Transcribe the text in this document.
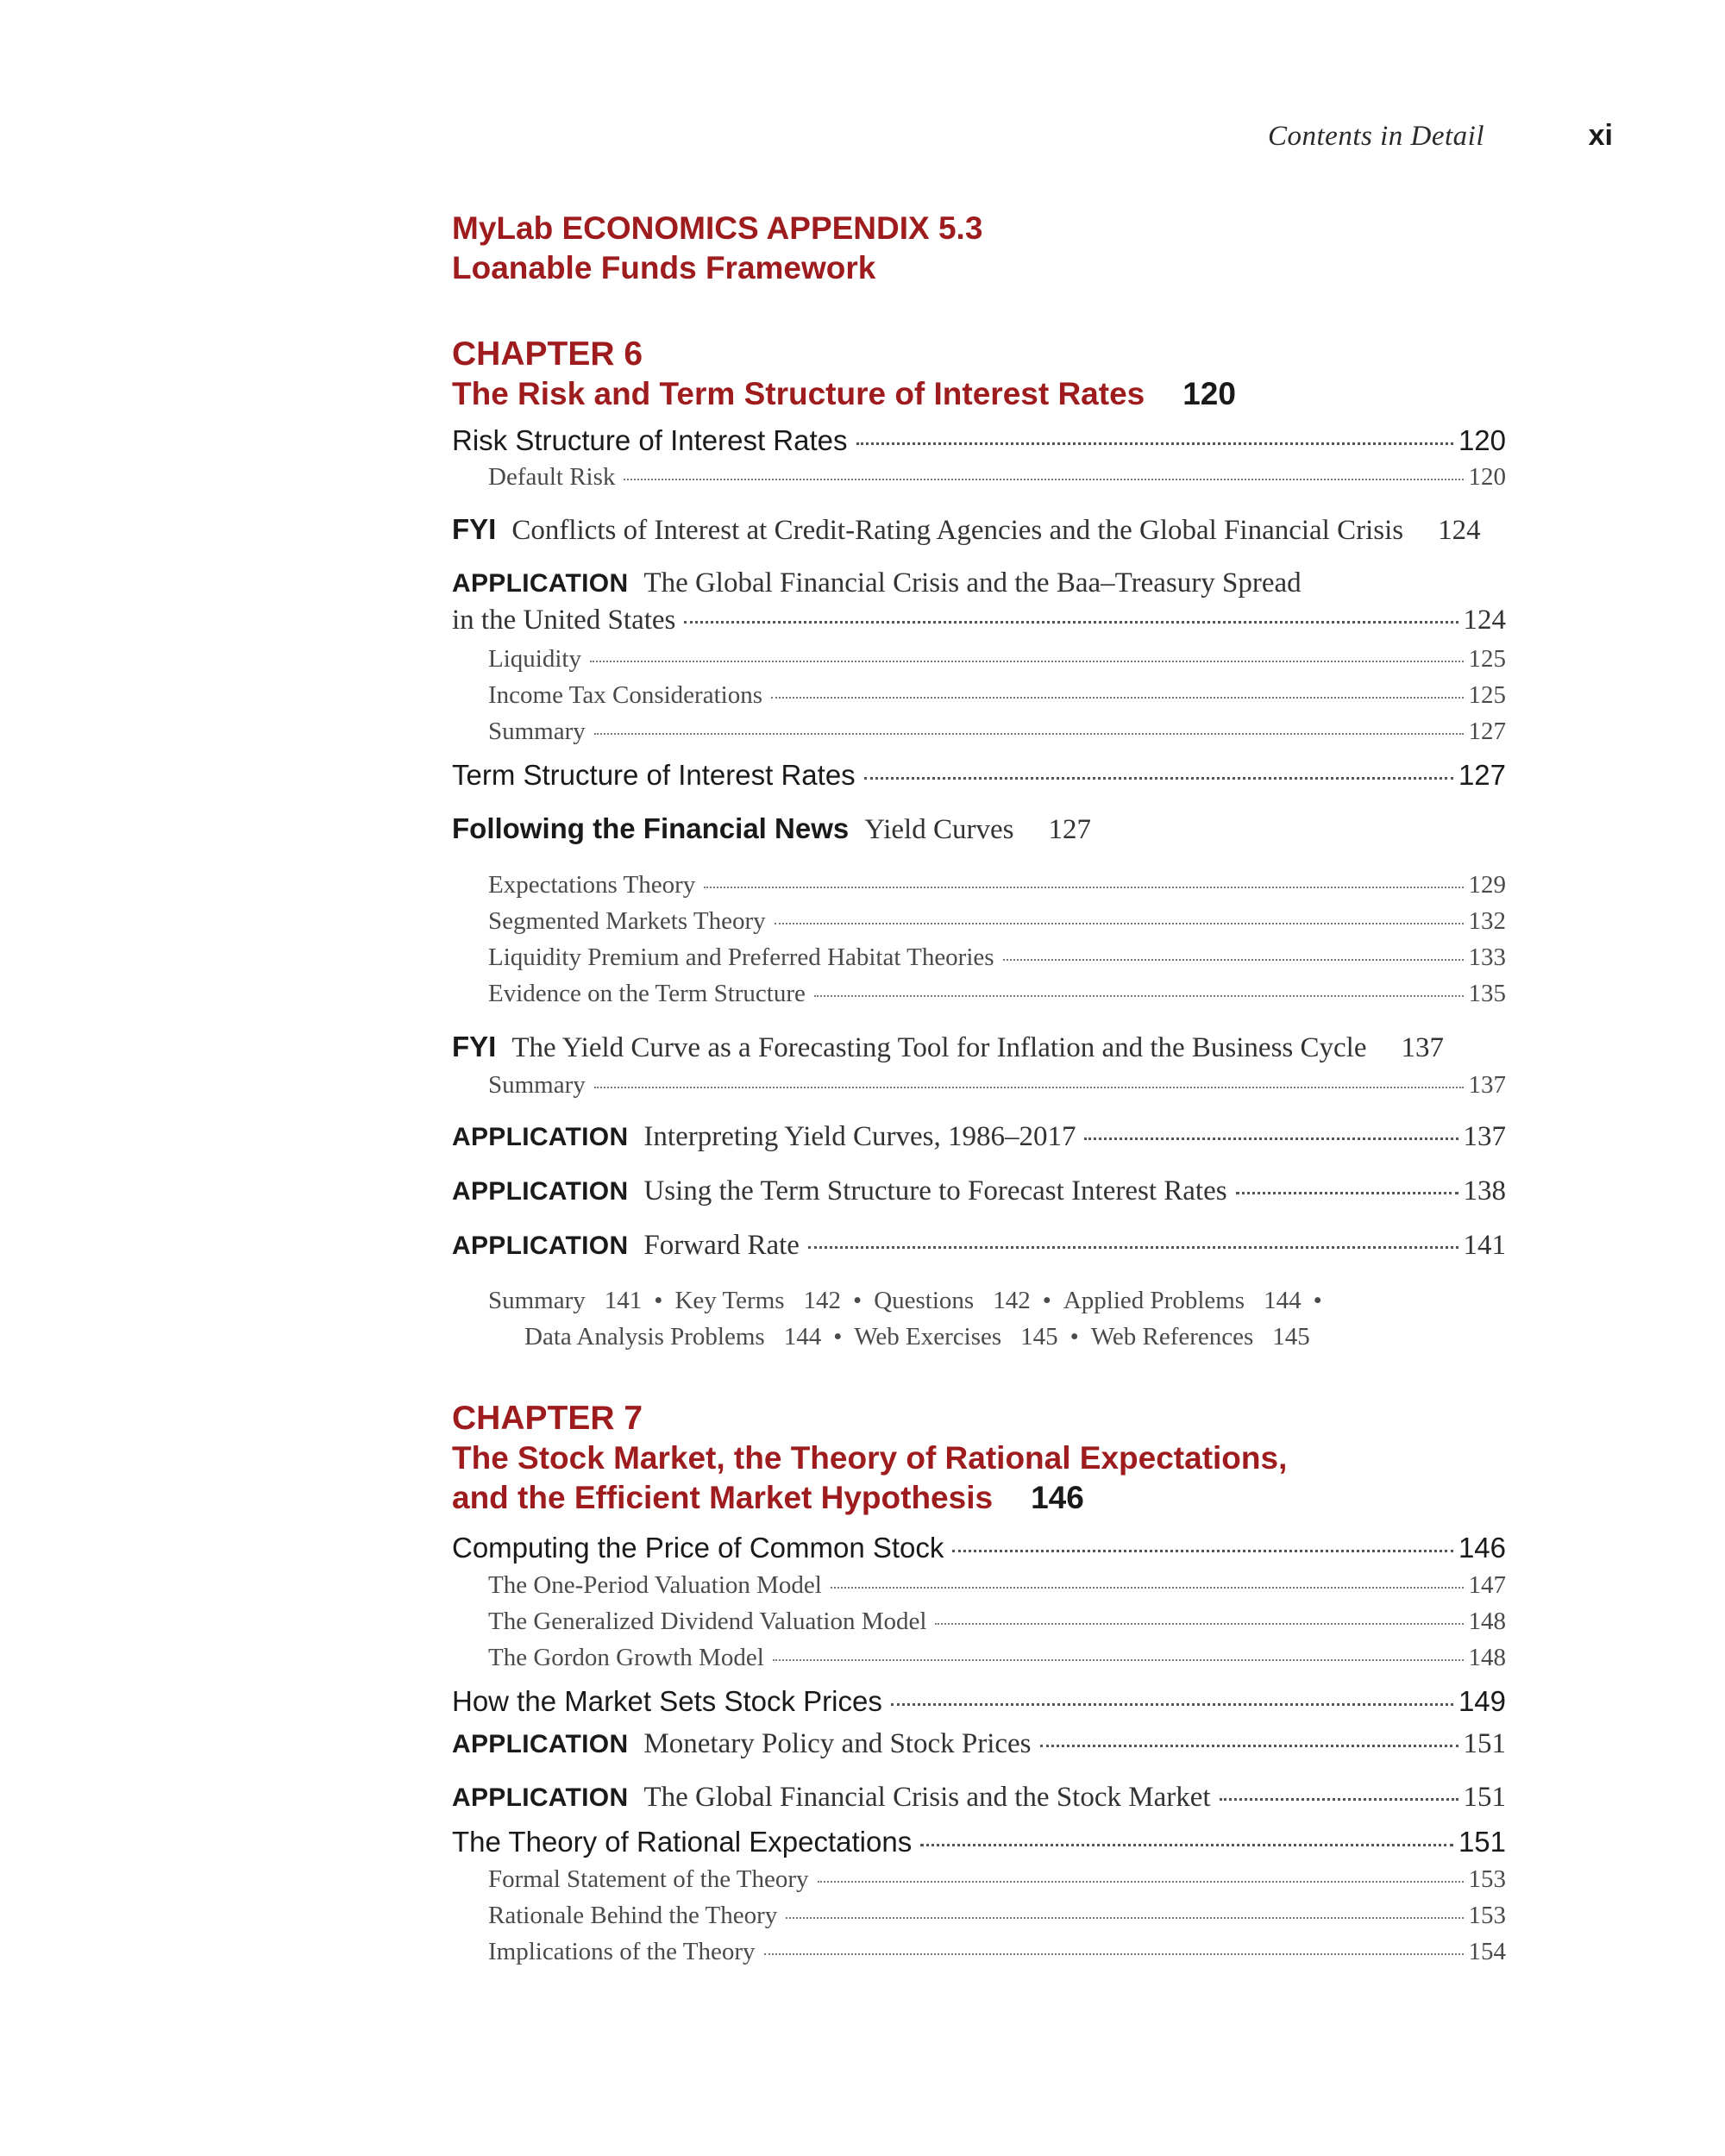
Contents in Detail	xi
MyLab ECONOMICS APPENDIX 5.3
Loanable Funds Framework
CHAPTER 6
The Risk and Term Structure of Interest Rates 120
Risk Structure of Interest Rates	120
Default Risk	120
FYI Conflicts of Interest at Credit-Rating Agencies and the Global Financial Crisis 124
APPLICATION The Global Financial Crisis and the Baa–Treasury Spread
in the United States	124
Liquidity	125
Income Tax Considerations	125
Summary	127
Term Structure of Interest Rates	127
Following the Financial News Yield Curves 127
Expectations Theory	129
Segmented Markets Theory	132
Liquidity Premium and Preferred Habitat Theories	133
Evidence on the Term Structure	135
FYI The Yield Curve as a Forecasting Tool for Inflation and the Business Cycle 137
Summary	137
APPLICATION Interpreting Yield Curves, 1986–2017	137
APPLICATION Using the Term Structure to Forecast Interest Rates	138
APPLICATION Forward Rate	141
Summary 141 • Key Terms 142 • Questions 142 • Applied Problems 144 •
Data Analysis Problems 144 • Web Exercises 145 • Web References 145
CHAPTER 7
The Stock Market, the Theory of Rational Expectations,
and the Efficient Market Hypothesis 146
Computing the Price of Common Stock	146
The One-Period Valuation Model	147
The Generalized Dividend Valuation Model	148
The Gordon Growth Model	148
How the Market Sets Stock Prices	149
APPLICATION Monetary Policy and Stock Prices	151
APPLICATION The Global Financial Crisis and the Stock Market	151
The Theory of Rational Expectations	151
Formal Statement of the Theory	153
Rationale Behind the Theory	153
Implications of the Theory	154
